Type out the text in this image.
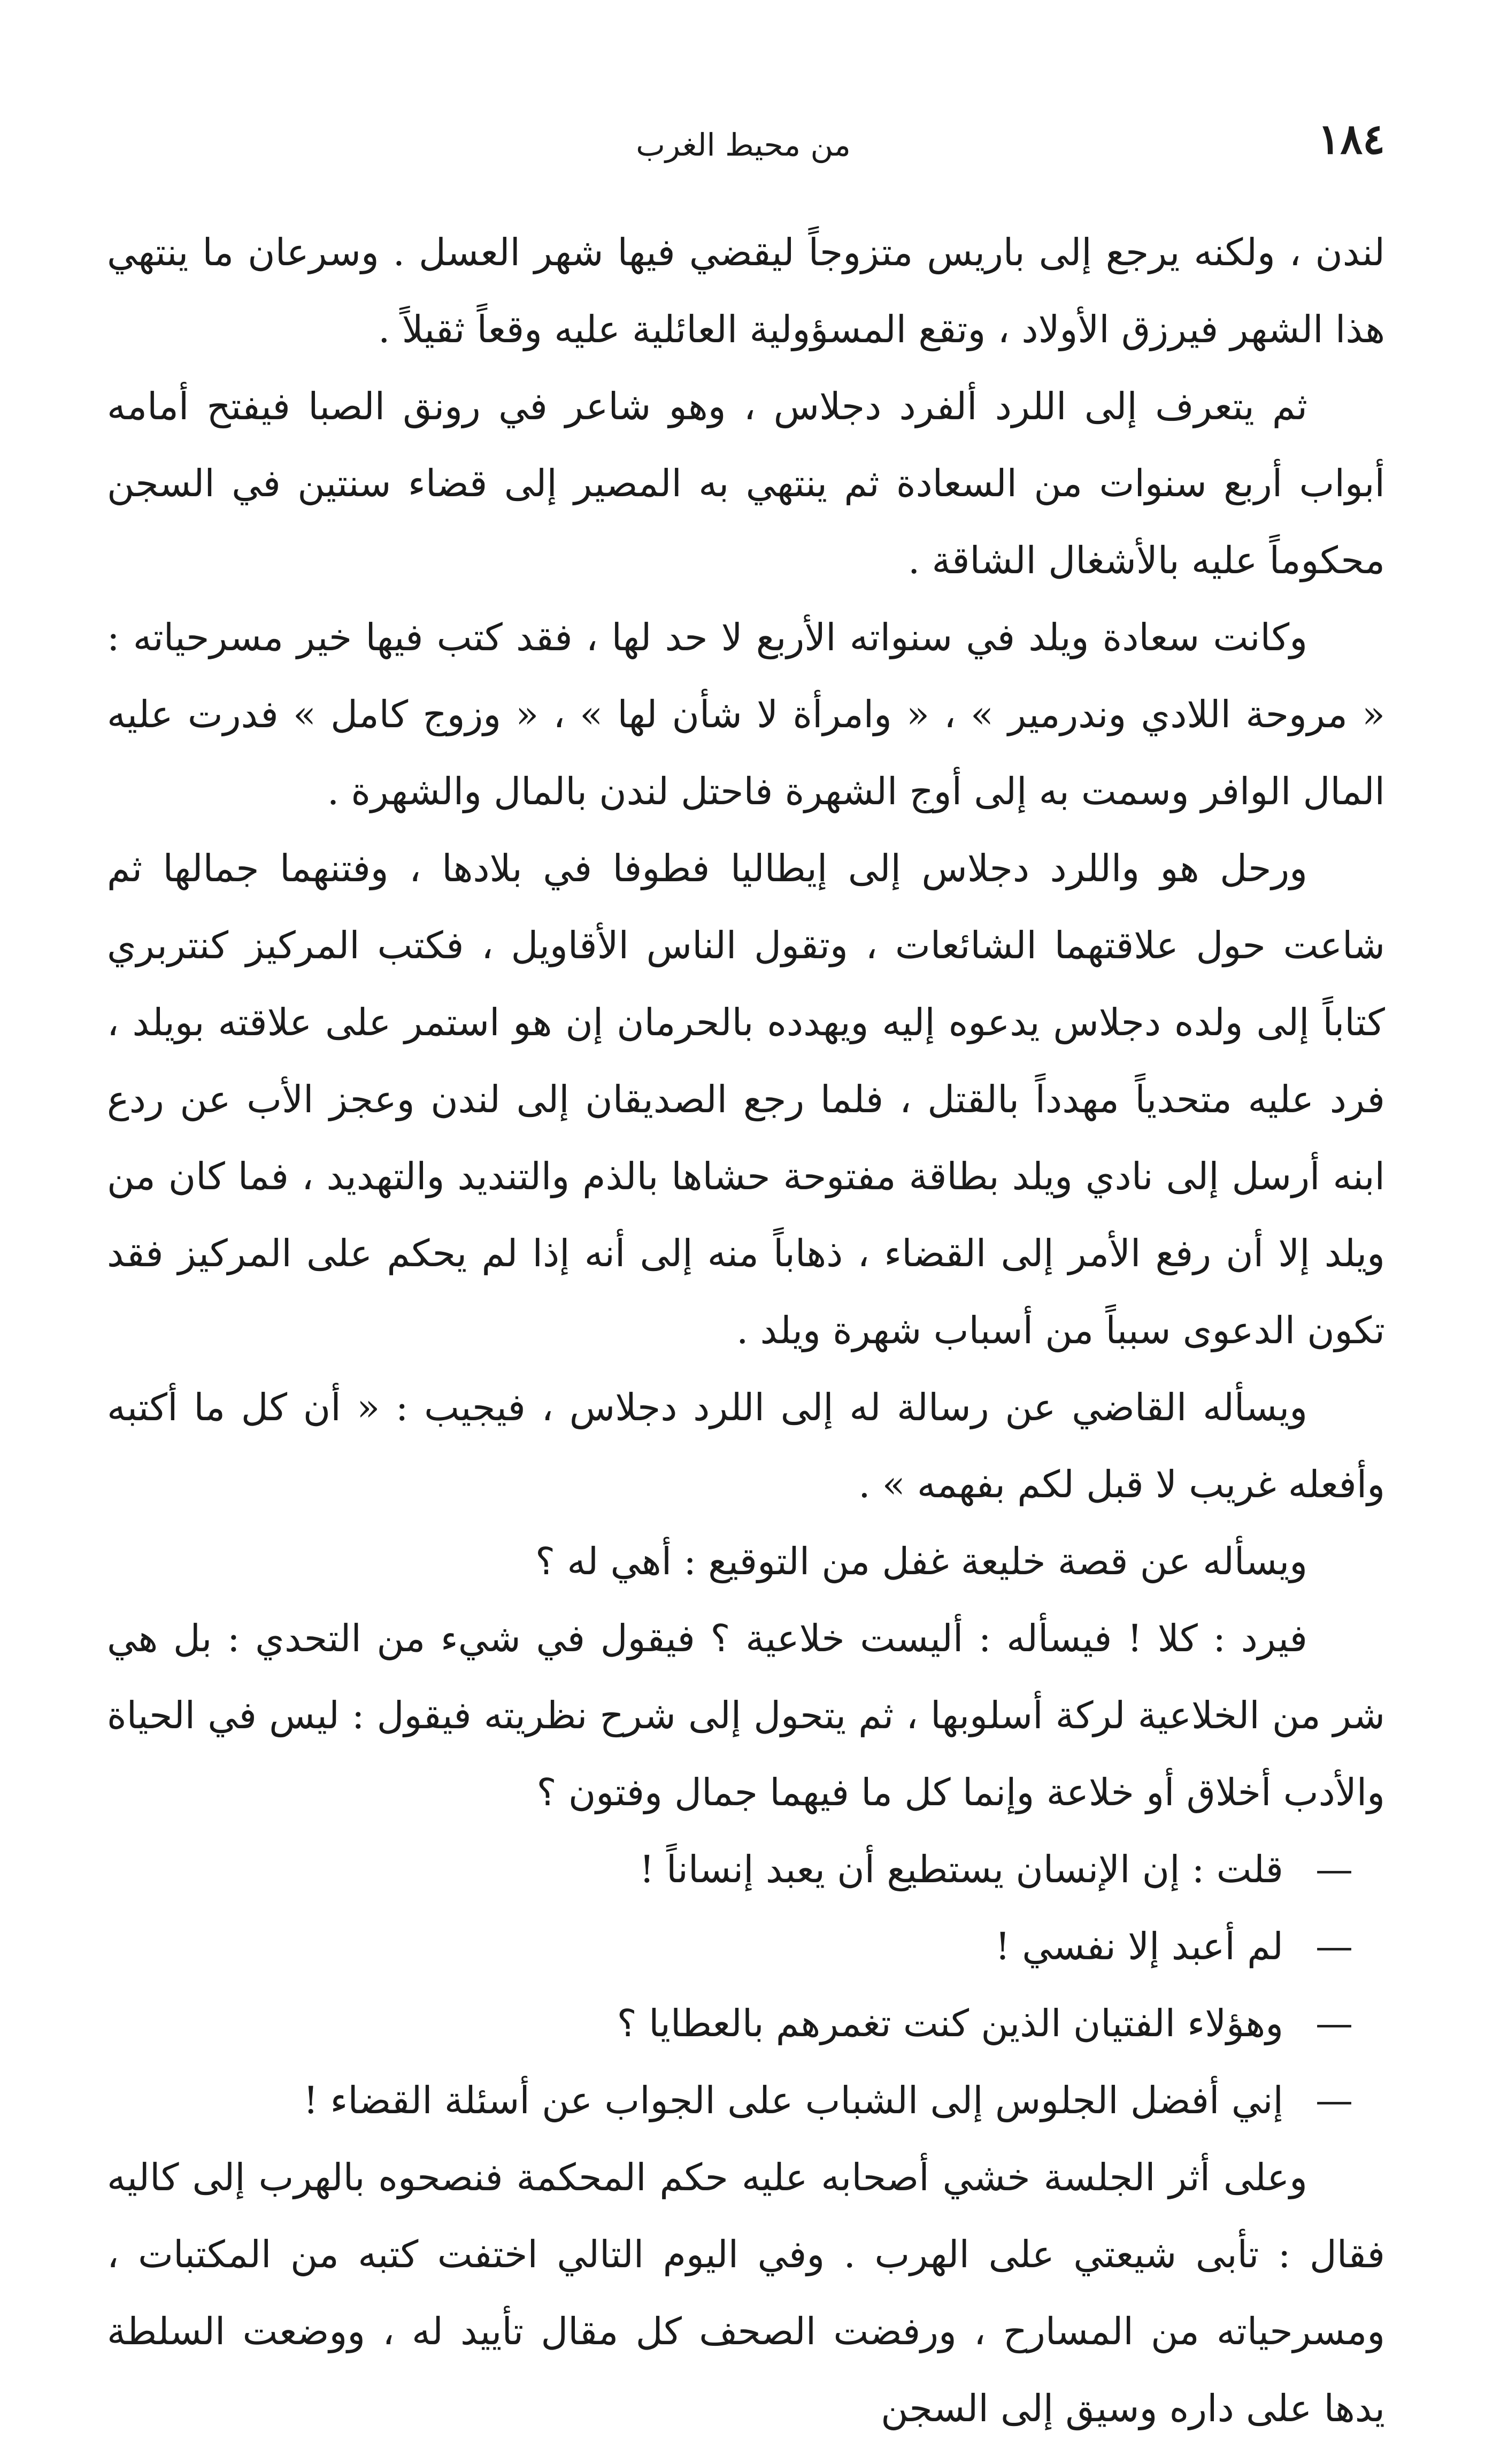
١٨٤
من محيط الغرب

لندن ، ولكنه يرجع إلى باريس متزوجاً ليقضي فيها شهر العسل . وسرعان ما ينتهي هذا الشهر فيرزق الأولاد ، وتقع المسؤولية العائلية عليه وقعاً ثقيلاً .

ثم يتعرف إلى اللرد ألفرد دجلاس ، وهو شاعر في رونق الصبا فيفتح أمامه أبواب أربع سنوات من السعادة ثم ينتهي به المصير إلى قضاء سنتين في السجن محكوماً عليه بالأشغال الشاقة .

وكانت سعادة ويلد في سنواته الأربع لا حد لها ، فقد كتب فيها خير مسرحياته : « مروحة اللادي وندرمير » ، « وامرأة لا شأن لها » ، « وزوج كامل » فدرت عليه المال الوافر وسمت به إلى أوج الشهرة فاحتل لندن بالمال والشهرة .

ورحل هو واللرد دجلاس إلى إيطاليا فطوفا في بلادها ، وفتنهما جمالها ثم شاعت حول علاقتهما الشائعات ، وتقول الناس الأقاويل ، فكتب المركيز كنتربري كتاباً إلى ولده دجلاس يدعوه إليه ويهدده بالحرمان إن هو استمر على علاقته بويلد ، فرد عليه متحدياً مهدداً بالقتل ، فلما رجع الصديقان إلى لندن وعجز الأب عن ردع ابنه أرسل إلى نادي ويلد بطاقة مفتوحة حشاها بالذم والتنديد والتهديد ، فما كان من ويلد إلا أن رفع الأمر إلى القضاء ، ذهاباً منه إلى أنه إذا لم يحكم على المركيز فقد تكون الدعوى سبباً من أسباب شهرة ويلد .

ويسأله القاضي عن رسالة له إلى اللرد دجلاس ، فيجيب : « أن كل ما أكتبه وأفعله غريب لا قبل لكم بفهمه » .

ويسأله عن قصة خليعة غفل من التوقيع : أهي له ؟

فيرد : كلا ! فيسأله : أليست خلاعية ؟ فيقول في شيء من التحدي : بل هي شر من الخلاعية لركة أسلوبها ، ثم يتحول إلى شرح نظريته فيقول : ليس في الحياة والأدب أخلاق أو خلاعة وإنما كل ما فيهما جمال وفتون ؟

—
قلت : إن الإنسان يستطيع أن يعبد إنساناً !
—
لم أعبد إلا نفسي !
—
وهؤلاء الفتيان الذين كنت تغمرهم بالعطايا ؟
—
إني أفضل الجلوس إلى الشباب على الجواب عن أسئلة القضاء !

وعلى أثر الجلسة خشي أصحابه عليه حكم المحكمة فنصحوه بالهرب إلى كاليه فقال : تأبى شيعتي على الهرب . وفي اليوم التالي اختفت كتبه من المكتبات ، ومسرحياته من المسارح ، ورفضت الصحف كل مقال تأييد له ، ووضعت السلطة يدها على داره وسيق إلى السجن
